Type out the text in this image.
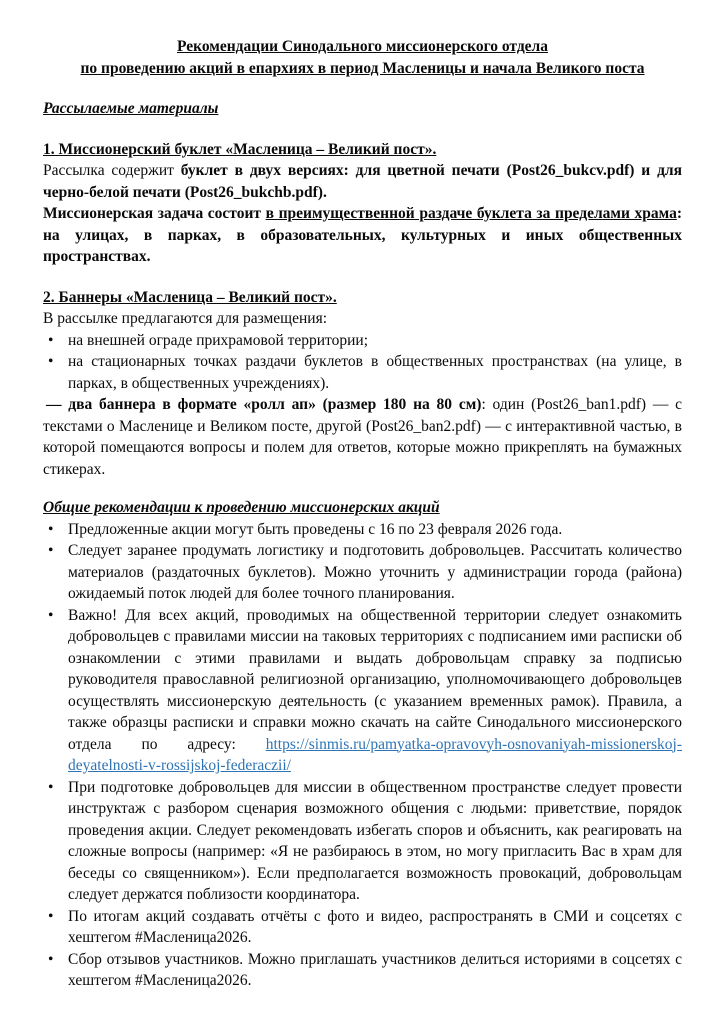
Рекомендации Синодального миссионерского отдела
по проведению акций в епархиях в период Масленицы и начала Великого поста
Рассылаемые материалы

1. Миссионерский буклет «Масленица – Великий пост».

Рассылка содержит буклет в двух версиях: для цветной печати (Post26_bukcv.pdf) и для черно-белой печати (Post26_bukchb.pdf).

Миссионерская задача состоит в преимущественной раздаче буклета за пределами храма: на улицах, в парках, в образовательных, культурных и иных общественных пространствах.

2. Баннеры «Масленица – Великий пост».

В рассылке предлагаются для размещения:

• на внешней ограде прихрамовой территории;
• на стационарных точках раздачи буклетов в общественных пространствах (на улице, в парках, в общественных учреждениях).

— два баннера в формате «ролл ап» (размер 180 на 80 см): один (Post26_ban1.pdf) — с текстами о Масленице и Великом посте, другой (Post26_ban2.pdf) — с интерактивной частью, в которой помещаются вопросы и полем для ответов, которые можно прикреплять на бумажных стикерах.

Общие рекомендации к проведению миссионерских акций
• Предложенные акции могут быть проведены с 16 по 23 февраля 2026 года.
• Следует заранее продумать логистику и подготовить добровольцев. Рассчитать количество материалов (раздаточных буклетов). Можно уточнить у администрации города (района) ожидаемый поток людей для более точного планирования.
• Важно! Для всех акций, проводимых на общественной территории следует ознакомить добровольцев с правилами миссии на таковых территориях с подписанием ими расписки об ознакомлении с этими правилами и выдать добровольцам справку за подписью руководителя православной религиозной организацию, уполномочивающего добровольцев осуществлять миссионерскую деятельность (с указанием временных рамок). Правила, а также образцы расписки и справки можно скачать на сайте Синодального миссионерского отдела по адресу: https://sinmis.ru/pamyatka-opravovyh-osnovaniyah-missionerskoj-deyatelnosti-v-rossijskoj-federaczii/
• При подготовке добровольцев для миссии в общественном пространстве следует провести инструктаж с разбором сценария возможного общения с людьми: приветствие, порядок проведения акции. Следует рекомендовать избегать споров и объяснить, как реагировать на сложные вопросы (например: «Я не разбираюсь в этом, но могу пригласить Вас в храм для беседы со священником»). Если предполагается возможность провокаций, добровольцам следует держатся поблизости координатора.
• По итогам акций создавать отчёты с фото и видео, распространять в СМИ и соцсетях с хештегом #Масленица2026.
• Сбор отзывов участников. Можно приглашать участников делиться историями в соцсетях с хештегом #Масленица2026.
